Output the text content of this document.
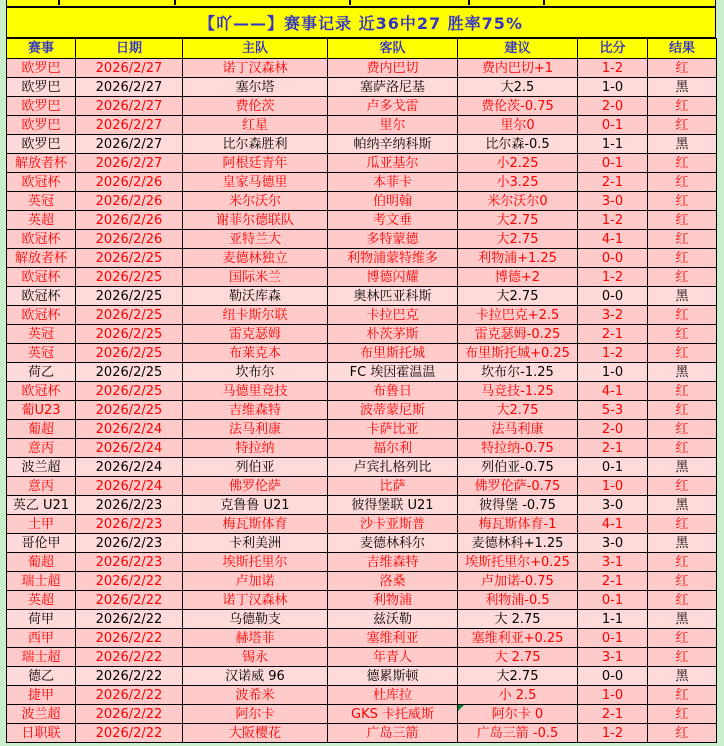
【吖——】赛事记录 近36中27 胜率75%
赛事	日期	主队	客队	建议	比分	结果
欧罗巴	2026/2/27	诺丁汉森林	费内巴切	费内巴切+1	1-2	红
欧罗巴	2026/2/27	塞尔塔	塞萨洛尼基	大2.5	1-0	黑
欧罗巴	2026/2/27	费伦茨	卢多戈雷	费伦茨-0.75	2-0	红
欧罗巴	2026/2/27	红星	里尔	里尔0	0-1	红
欧罗巴	2026/2/27	比尔森胜利	帕纳辛纳科斯	比尔森-0.5	1-1	黑
解放者杯	2026/2/27	阿根廷青年	瓜亚基尔	小2.25	0-1	红
欧冠杯	2026/2/26	皇家马德里	本菲卡	小3.25	2-1	红
英冠	2026/2/26	米尔沃尔	伯明翰	米尔沃尔0	3-0	红
英超	2026/2/26	谢菲尔德联队	考文垂	大2.75	1-2	红
欧冠杯	2026/2/26	亚特兰大	多特蒙德	大2.75	4-1	红
解放者杯	2026/2/25	麦德林独立	利物浦蒙特维多	利物浦+1.25	0-0	红
欧冠杯	2026/2/25	国际米兰	博德闪耀	博德+2	1-2	红
欧冠杯	2026/2/25	勒沃库森	奥林匹亚科斯	大2.75	0-0	黑
欧冠杯	2026/2/25	纽卡斯尔联	卡拉巴克	卡拉巴克+2.5	3-2	红
英冠	2026/2/25	雷克瑟姆	朴茨茅斯	雷克瑟姆-0.25	2-1	红
英冠	2026/2/25	布莱克本	布里斯托城	布里斯托城+0.25	1-2	红
荷乙	2026/2/25	坎布尔	FC 埃因霍温温	坎布尔-1.25	1-0	黑
欧冠杯	2026/2/25	马德里竞技	布鲁日	马竞技-1.25	4-1	红
葡U23	2026/2/25	吉维森特	波蒂蒙尼斯	大2.75	5-3	红
葡超	2026/2/24	法马利康	卡萨比亚	法马利康	2-0	红
意丙	2026/2/24	特拉纳	福尔利	特拉纳-0.75	2-1	红
波兰超	2026/2/24	列伯亚	卢宾扎格列比	列伯亚-0.75	0-1	黑
意丙	2026/2/24	佛罗伦萨	比萨	佛罗伦萨-0.75	1-0	红
英乙 U21	2026/2/23	克鲁鲁 U21	彼得堡联 U21	彼得堡 -0.75	3-0	黑
土甲	2026/2/23	梅瓦斯体育	沙卡亚斯普	梅瓦斯体育-1	4-1	红
哥伦甲	2026/2/23	卡利美洲	麦德林科尔	麦德林科+1.25	3-0	黑
葡超	2026/2/23	埃斯托里尔	吉维森特	埃斯托里尔+0.25	3-1	红
瑞士超	2026/2/22	卢加诺	洛桑	卢加诺-0.75	2-1	红
英超	2026/2/22	诺丁汉森林	利物浦	利物浦-0.5	0-1	红
荷甲	2026/2/22	乌德勒支	兹沃勒	大 2.75	1-1	黑
西甲	2026/2/22	赫塔菲	塞维利亚	塞维利亚+0.25	0-1	红
瑞士超	2026/2/22	锡永	年青人	大 2.75	3-1	红
德乙	2026/2/22	汉诺威 96	德累斯顿	大2.75	0-0	黑
捷甲	2026/2/22	波希米	杜库拉	小 2.5	1-0	红
波兰超	2026/2/22	阿尔卡	GKS 卡托威斯	阿尔卡 0	2-1	红
日职联	2026/2/22	大阪樱花	广岛三箭	广岛三箭 -0.5	1-2	红
